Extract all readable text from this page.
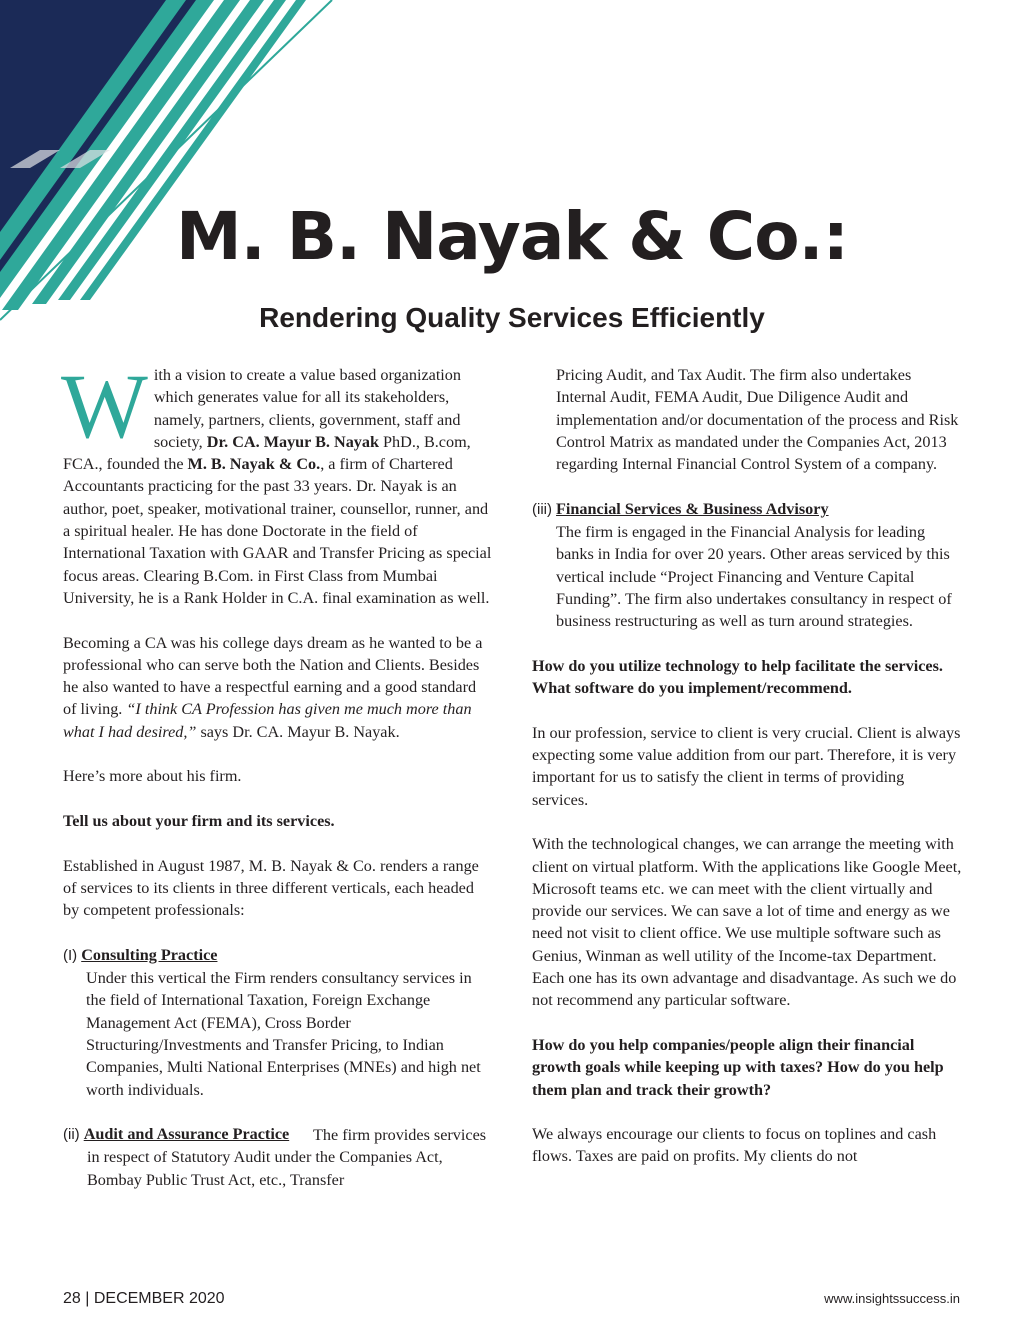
M. B. Nayak & Co.:
Rendering Quality Services Efficiently

With a vision to create a value based organization which generates value for all its stakeholders, namely, partners, clients, government, staff and society, Dr. CA. Mayur B. Nayak PhD., B.com, FCA., founded the M. B. Nayak & Co., a firm of Chartered Accountants practicing for the past 33 years. Dr. Nayak is an author, poet, speaker, motivational trainer, counsellor, runner, and a spiritual healer. He has done Doctorate in the field of International Taxation with GAAR and Transfer Pricing as special focus areas. Clearing B.Com. in First Class from Mumbai University, he is a Rank Holder in C.A. final examination as well.

Becoming a CA was his college days dream as he wanted to be a professional who can serve both the Nation and Clients. Besides he also wanted to have a respectful earning and a good standard of living. “I think CA Profession has given me much more than what I had desired,” says Dr. CA. Mayur B. Nayak.

Here’s more about his firm.

Tell us about your firm and its services.

Established in August 1987, M. B. Nayak & Co. renders a range of services to its clients in three different verticals, each headed by competent professionals:

(I) Consulting Practice

Under this vertical the Firm renders consultancy services in the field of International Taxation, Foreign Exchange Management Act (FEMA), Cross Border Structuring/Investments and Transfer Pricing, to Indian Companies, Multi National Enterprises (MNEs) and high net worth individuals.

(ii) Audit and Assurance Practice	The firm provides services in respect of Statutory Audit under the Companies Act, Bombay Public Trust Act, etc., Transfer

Pricing Audit, and Tax Audit. The firm also undertakes Internal Audit, FEMA Audit, Due Diligence Audit and implementation and/or documentation of the process and Risk Control Matrix as mandated under the Companies Act, 2013 regarding Internal Financial Control System of a company.

(iii) Financial Services & Business Advisory

The firm is engaged in the Financial Analysis for leading banks in India for over 20 years. Other areas serviced by this vertical include “Project Financing and Venture Capital Funding”. The firm also undertakes consultancy in respect of business restructuring as well as turn around strategies.

How do you utilize technology to help facilitate the services. What software do you implement/recommend.

In our profession, service to client is very crucial. Client is always expecting some value addition from our part. Therefore, it is very important for us to satisfy the client in terms of providing services.

With the technological changes, we can arrange the meeting with client on virtual platform. With the applications like Google Meet, Microsoft teams etc. we can meet with the client virtually and provide our services. We can save a lot of time and energy as we need not visit to client office. We use multiple software such as Genius, Winman as well utility of the Income-tax Department. Each one has its own advantage and disadvantage. As such we do not recommend any particular software.

How do you help companies/people align their financial growth goals while keeping up with taxes? How do you help them plan and track their growth?

We always encourage our clients to focus on toplines and cash flows. Taxes are paid on profits. My clients do not

28 | DECEMBER 2020	www.insightssuccess.in
